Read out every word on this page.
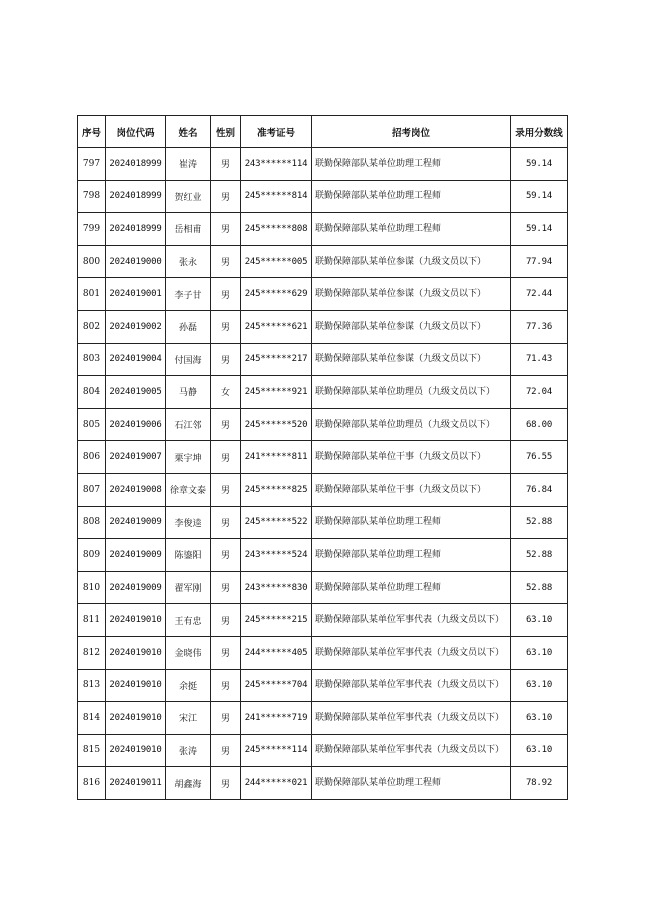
序号	岗位代码	姓名	性别	准考证号	招考岗位	录用分数线
797	2024018999	崔涛	男	243******114	联勤保障部队某单位助理工程师	59.14
798	2024018999	贺红业	男	245******814	联勤保障部队某单位助理工程师	59.14
799	2024018999	岳相甫	男	245******808	联勤保障部队某单位助理工程师	59.14
800	2024019000	张永	男	245******005	联勤保障部队某单位参谋（九级文员以下）	77.94
801	2024019001	李子甘	男	245******629	联勤保障部队某单位参谋（九级文员以下）	72.44
802	2024019002	孙磊	男	245******621	联勤保障部队某单位参谋（九级文员以下）	77.36
803	2024019004	付国海	男	245******217	联勤保障部队某单位参谋（九级文员以下）	71.43
804	2024019005	马静	女	245******921	联勤保障部队某单位助理员（九级文员以下）	72.04
805	2024019006	石江邻	男	245******520	联勤保障部队某单位助理员（九级文员以下）	68.00
806	2024019007	栗宇坤	男	241******811	联勤保障部队某单位干事（九级文员以下）	76.55
807	2024019008	徐章文泰	男	245******825	联勤保障部队某单位干事（九级文员以下）	76.84
808	2024019009	李俊逵	男	245******522	联勤保障部队某单位助理工程师	52.88
809	2024019009	陈鎏阳	男	243******524	联勤保障部队某单位助理工程师	52.88
810	2024019009	翟军刚	男	243******830	联勤保障部队某单位助理工程师	52.88
811	2024019010	王有忠	男	245******215	联勤保障部队某单位军事代表（九级文员以下）	63.10
812	2024019010	金晓伟	男	244******405	联勤保障部队某单位军事代表（九级文员以下）	63.10
813	2024019010	余挺	男	245******704	联勤保障部队某单位军事代表（九级文员以下）	63.10
814	2024019010	宋江	男	241******719	联勤保障部队某单位军事代表（九级文员以下）	63.10
815	2024019010	张涛	男	245******114	联勤保障部队某单位军事代表（九级文员以下）	63.10
816	2024019011	胡鑫海	男	244******021	联勤保障部队某单位助理工程师	78.92
